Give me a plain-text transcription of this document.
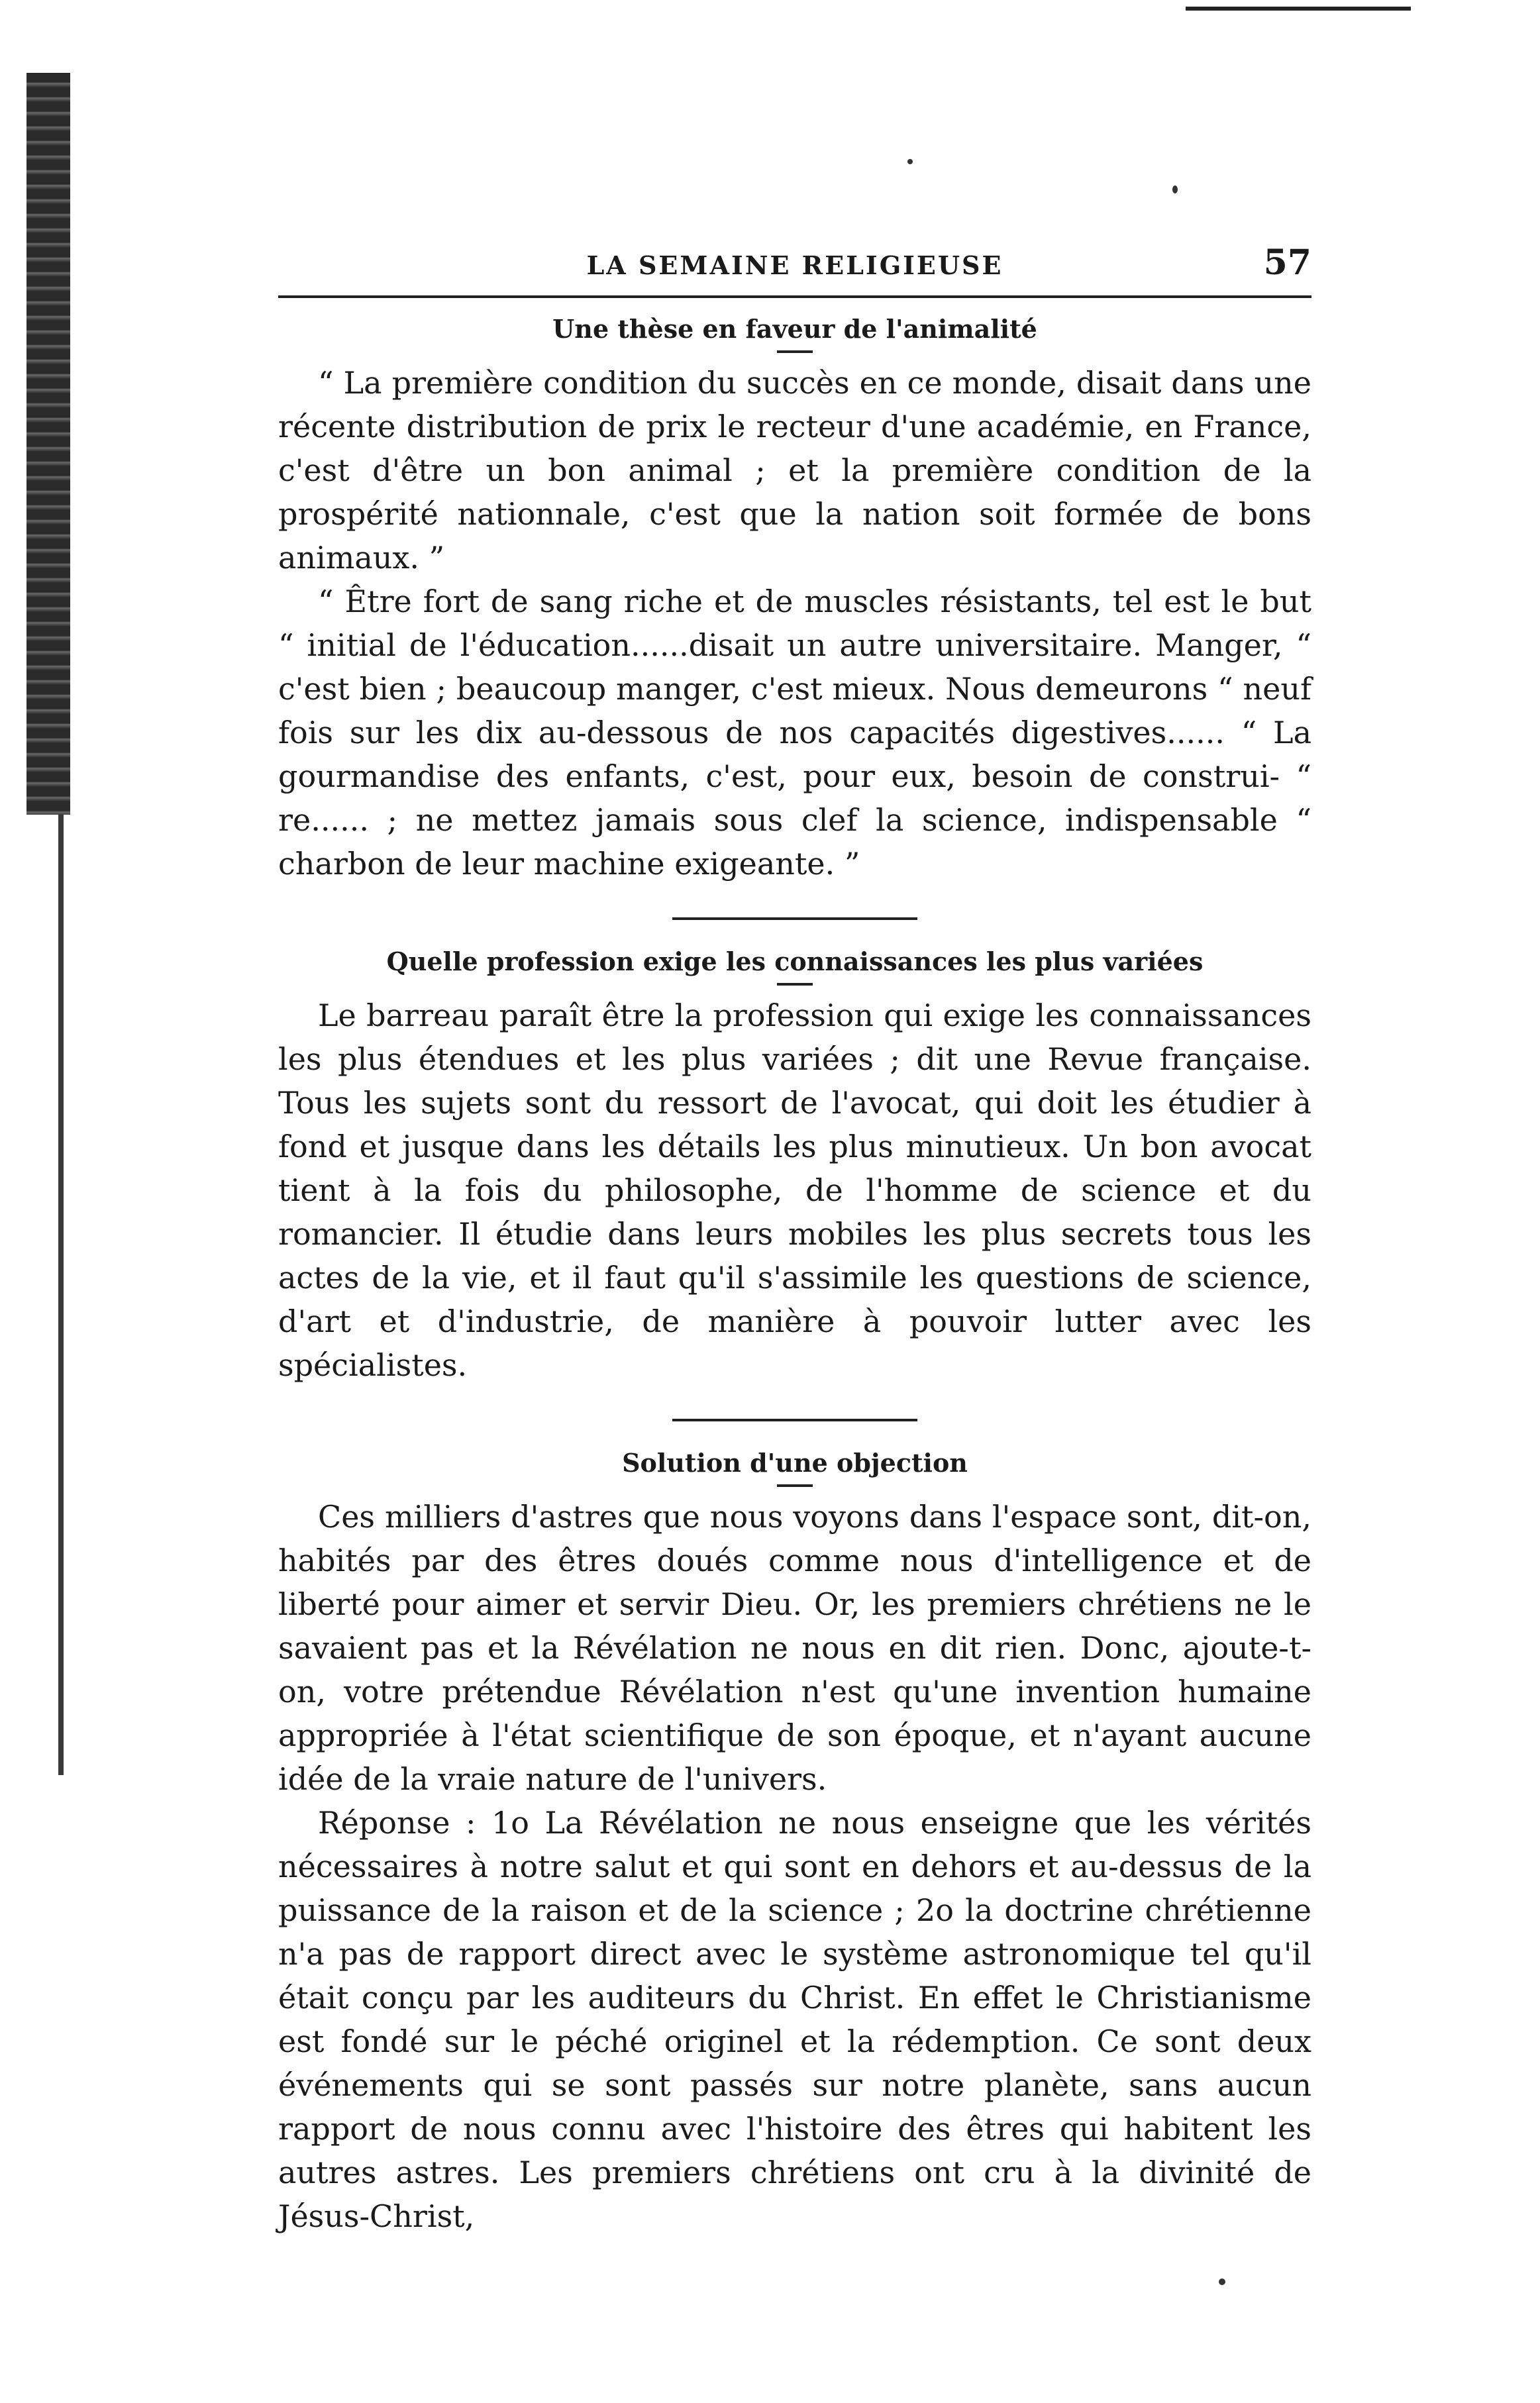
LA SEMAINE RELIGIEUSE	57
Une thèse en faveur de l'animalité

“ La première condition du succès en ce monde, disait dans une récente distribution de prix le recteur d'une académie, en France, c'est d'être un bon animal ; et la première condition de la prospérité nationnale, c'est que la nation soit formée de bons animaux. ”

“ Être fort de sang riche et de muscles résistants, tel est le but “ initial de l'éducation......disait un autre universitaire. Manger, “ c'est bien ; beaucoup manger, c'est mieux. Nous demeurons “ neuf fois sur les dix au-dessous de nos capacités digestives...... “ La gourmandise des enfants, c'est, pour eux, besoin de construi- “ re...... ; ne mettez jamais sous clef la science, indispensable “ charbon de leur machine exigeante. ”

Quelle profession exige les connaissances les plus variées

Le barreau paraît être la profession qui exige les connaissances les plus étendues et les plus variées ; dit une Revue française. Tous les sujets sont du ressort de l'avocat, qui doit les étudier à fond et jusque dans les détails les plus minutieux. Un bon avocat tient à la fois du philosophe, de l'homme de science et du romancier. Il étudie dans leurs mobiles les plus secrets tous les actes de la vie, et il faut qu'il s'assimile les questions de science, d'art et d'industrie, de manière à pouvoir lutter avec les spécialistes.

Solution d'une objection

Ces milliers d'astres que nous voyons dans l'espace sont, dit-on, habités par des êtres doués comme nous d'intelligence et de liberté pour aimer et servir Dieu. Or, les premiers chrétiens ne le savaient pas et la Révélation ne nous en dit rien. Donc, ajoute-t-on, votre prétendue Révélation n'est qu'une invention humaine appropriée à l'état scientifique de son époque, et n'ayant aucune idée de la vraie nature de l'univers.

Réponse : 1o La Révélation ne nous enseigne que les vérités nécessaires à notre salut et qui sont en dehors et au-dessus de la puissance de la raison et de la science ; 2o la doctrine chrétienne n'a pas de rapport direct avec le système astronomique tel qu'il était conçu par les auditeurs du Christ. En effet le Christianisme est fondé sur le péché originel et la rédemption. Ce sont deux événements qui se sont passés sur notre planète, sans aucun rapport de nous connu avec l'histoire des êtres qui habitent les autres astres. Les premiers chrétiens ont cru à la divinité de Jésus-Christ,
